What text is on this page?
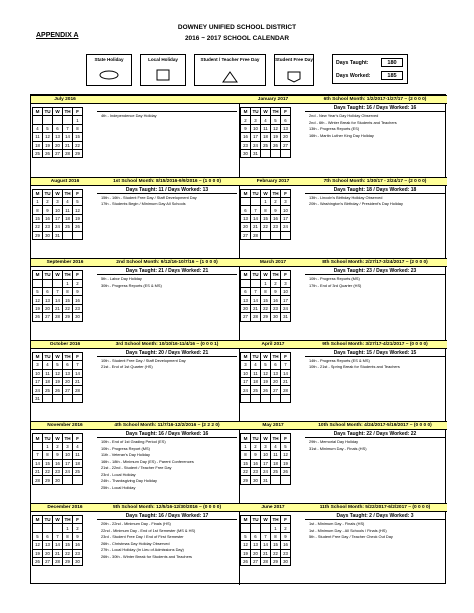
APPENDIX A
DOWNEY UNIFIED SCHOOL DISTRICT
2016 ~ 2017 SCHOOL CALENDAR
State Holiday	Local Holiday	Student / Teacher Free Day	Student Free Day
Days Taught:	180
Days Worked:	185
July 2016
M	TU	W	TH	F
				1
4	5	6	7	8
11	12	13	14	15
18	19	20	21	22
25	26	27	28	29
4th - Independence Day Holiday
January 2017	6th School Month: 1/2/2017-1/27/17 ~ (2 0 0 0)
Days Taught: 16 / Days Worked: 16
M	TU	W	TH	F
2	3	4	5	6
9	10	11	12	13
16	17	18	19	20
23	24	25	26	27
30	31			
2nd - New Year's Day Holiday Observed
2nd - 6th - Winter Break for Students and Teachers
13th - Progress Reports (ES)
16th - Martin Luther King Day Holiday
August 2016	1st School Month: 8/15/2016-9/9/2016 ~ (1 0 0 0)
Days Taught: 11 / Days Worked: 13
M	TU	W	TH	F
1	2	3	4	5
8	9	10	11	12
15	16	17	18	19
22	23	24	25	26
29	30	31		
15th - 16th - Student Free Day / Staff Development Day
17th - Students Begin / Minimum Day All Schools
February 2017	7th School Month: 1/30/17 - 2/24/17 ~ (2 0 0 0)
Days Taught: 18 / Days Worked: 18
M	TU	W	TH	F
		1	2	3
6	7	8	9	10
13	14	15	16	17
20	21	22	23	24
27	28			
13th - Lincoln's Birthday Holiday Observed
20th - Washington's Birthday / President's Day Holiday
September 2016	2nd School Month: 9/12/16-10/7/16 ~ (1 0 0 0)
Days Taught: 21 / Days Worked: 21
M	TU	W	TH	F
			1	2
5	6	7	8	9
12	13	14	15	16
19	20	21	22	23
26	27	28	29	30
5th - Labor Day Holiday
30th - Progress Reports (ES & MS)
March 2017	8th School Month: 2/27/17-3/24/2017 ~ (2 0 0 0)
Days Taught: 23 / Days Worked: 23
M	TU	W	TH	F
		1	2	3
6	7	8	9	10
13	14	15	16	17
20	21	22	23	24
27	28	29	30	31
10th - Progress Reports (MS)
17th - End of 3rd Quarter (HS)
October 2016	3rd School Month: 10/10/16-11/4/16 ~ (0 0 0 1)
Days Taught: 20 / Days Worked: 21
M	TU	W	TH	F
3	4	5	6	7
10	11	12	13	14
17	18	19	20	21
24	25	26	27	28
31				
10th - Student Free Day / Staff Development Day
21st - End of 1st Quarter (HS)
April 2017	9th School Month: 3/27/17-4/21/2017 ~ (0 0 0 0)
Days Taught: 15 / Days Worked: 15
M	TU	W	TH	F
3	4	5	6	7
10	11	12	13	14
17	18	19	20	21
24	25	26	27	28

14th - Progress Reports (ES & MS)
10th - 21st - Spring Break for Students and Teachers
November 2016	4th School Month: 11/7/16-12/2/2016 ~ (2 2 2 0)
Days Taught: 16 / Days Worked: 16
M	TU	W	TH	F
	1	2	3	4
7	8	9	10	11
14	15	16	17	18
21	22	23	24	25
28	29	30		
10th - End of 1st Grading Period (ES)
10th - Progress Report (MS)
11th - Veteran's Day Holiday
16th - 18th - Minimum Day (ES) - Parent Conferences
21st - 22nd - Student / Teacher Free Day
23rd - Local Holiday
24th - Thanksgiving Day Holiday
25th - Local Holiday
May 2017	10th School Month: 4/24/2017-5/19/2017 ~ (0 0 0 0)
Days Taught: 22 / Days Worked: 22
M	TU	W	TH	F
1	2	3	4	5
8	9	10	11	12
15	16	17	18	19
22	23	24	25	26
29	30	31		
29th - Memorial Day Holiday
31st - Minimum Day - Finals (HS)
December 2016	5th School Month: 12/5/16-12/30/2016 ~ (0 0 0 0)
Days Taught: 16 / Days Worked: 17
M	TU	W	TH	F
			1	2
5	6	7	8	9
12	13	14	15	16
19	20	21	22	23
26	27	28	29	30
20th - 22nd - Minimum Day - Finals (HS)
22nd - Minimum Day - End of 1st Semester (MS & HS)
23rd - Student Free Day / End of First Semester
26th - Christmas Day Holiday Observed
27th - Local Holiday (In Lieu of Admissions Day)
26th - 30th - Winter Break for Students and Teachers
June 2017	11th School Month: 5/22/2017-6/2/2017 ~ (0 0 0 0)
Days Taught: 2 / Days Worked: 3
M	TU	W	TH	F
			1	2
5	6	7	8	9
12	13	14	15	16
19	20	21	22	23
26	27	28	29	30
1st - Minimum Day - Finals (HS)
1st - Minimum Day - All Schools / Finals (HS)
5th - Student Free Day / Teacher Check Out Day
